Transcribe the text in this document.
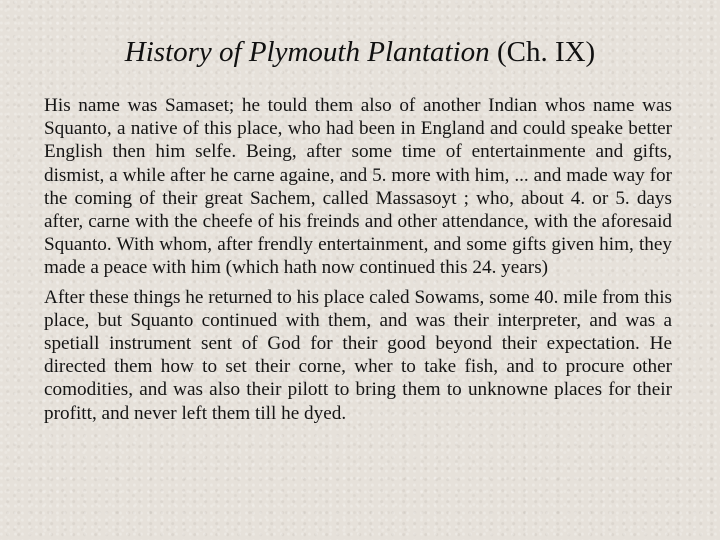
History of Plymouth Plantation (Ch. IX)

His name was Samaset; he tould them also of another Indian whos name was Squanto, a native of this place, who had been in England and could speake better English then him selfe. Being, after some time of entertainmente and gifts, dismist, a while after he carne againe, and 5. more with him, ... and made way for the coming of their great Sachem, called Massasoyt ; who, about 4. or 5. days after, carne with the cheefe of his freinds and other attendance, with the aforesaid Squanto. With whom, after frendly entertainment, and some gifts given him, they made a peace with him (which hath now continued this 24. years)

After these things he returned to his place caled Sowams, some 40. mile from this place, but Squanto continued with them, and was their interpreter, and was a spetiall instrument sent of God for their good beyond their expectation. He directed them how to set their corne, wher to take fish, and to procure other comodities, and was also their pilott to bring them to unknowne places for their profitt, and never left them till he dyed.
